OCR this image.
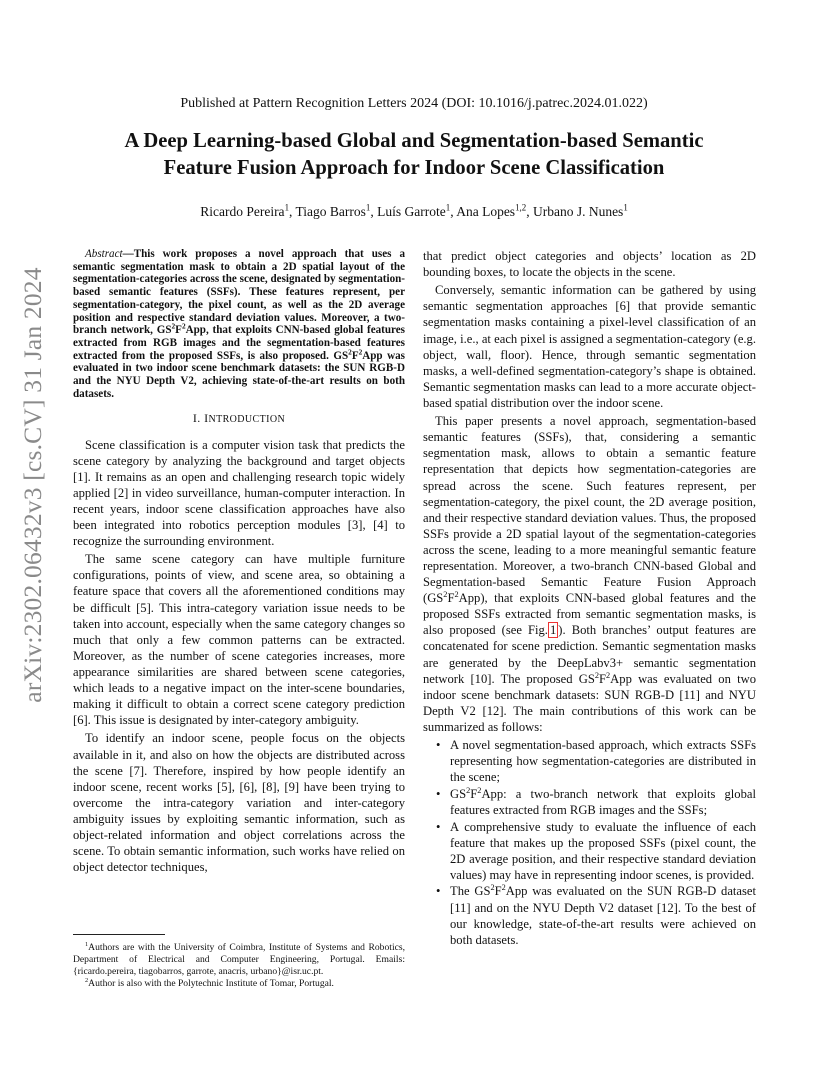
arXiv:2302.06432v3 [cs.CV] 31 Jan 2024
Published at Pattern Recognition Letters 2024 (DOI: 10.1016/j.patrec.2024.01.022)
A Deep Learning-based Global and Segmentation-based Semantic
Feature Fusion Approach for Indoor Scene Classification
Ricardo Pereira$^1$, Tiago Barros$^1$, Luís Garrote$^1$, Ana Lopes$^{1,2}$, Urbano J. Nunes$^1$

Abstract—This work proposes a novel approach that uses a semantic segmentation mask to obtain a 2D spatial layout of the segmentation-categories across the scene, designated by segmentation-based semantic features (SSFs). These features represent, per segmentation-category, the pixel count, as well as the 2D average position and respective standard deviation values. Moreover, a two-branch network, $GS^2F^2App$, that exploits CNN-based global features extracted from RGB images and the segmentation-based features extracted from the proposed SSFs, is also proposed. $GS^2F^2App$ was evaluated in two indoor scene benchmark datasets: the SUN RGB-D and the NYU Depth V2, achieving state-of-the-art results on both datasets.

I. INTRODUCTION

Scene classification is a computer vision task that predicts the scene category by analyzing the background and target objects [1]. It remains as an open and challenging research topic widely applied [2] in video surveillance, human-computer interaction. In recent years, indoor scene classification approaches have also been integrated into robotics perception modules [3], [4] to recognize the surrounding environment.

The same scene category can have multiple furniture configurations, points of view, and scene area, so obtaining a feature space that covers all the aforementioned conditions may be difficult [5]. This intra-category variation issue needs to be taken into account, especially when the same category changes so much that only a few common patterns can be extracted. Moreover, as the number of scene categories increases, more appearance similarities are shared between scene categories, which leads to a negative impact on the inter-scene boundaries, making it difficult to obtain a correct scene category prediction [6]. This issue is designated by inter-category ambiguity.

To identify an indoor scene, people focus on the objects available in it, and also on how the objects are distributed across the scene [7]. Therefore, inspired by how people identify an indoor scene, recent works [5], [6], [8], [9] have been trying to overcome the intra-category variation and inter-category ambiguity issues by exploiting semantic information, such as object-related information and object correlations across the scene. To obtain semantic information, such works have relied on object detector techniques,

that predict object categories and objects’ location as 2D bounding boxes, to locate the objects in the scene.

Conversely, semantic information can be gathered by using semantic segmentation approaches [6] that provide semantic segmentation masks containing a pixel-level classification of an image, i.e., at each pixel is assigned a segmentation-category (e.g. object, wall, floor). Hence, through semantic segmentation masks, a well-defined segmentation-category’s shape is obtained. Semantic segmentation masks can lead to a more accurate object-based spatial distribution over the indoor scene.

This paper presents a novel approach, segmentation-based semantic features (SSFs), that, considering a semantic segmentation mask, allows to obtain a semantic feature representation that depicts how segmentation-categories are spread across the scene. Such features represent, per segmentation-category, the pixel count, the 2D average position, and their respective standard deviation values. Thus, the proposed SSFs provide a 2D spatial layout of the segmentation-categories across the scene, leading to a more meaningful semantic feature representation. Moreover, a two-branch CNN-based Global and Segmentation-based Semantic Feature Fusion Approach $(GS^2F^2App)$, that exploits CNN-based global features and the proposed SSFs extracted from semantic segmentation masks, is also proposed (see Fig. 1 ). Both branches’ output features are concatenated for scene prediction. Semantic segmentation masks are generated by the DeepLabv3+ semantic segmentation network [10]. The proposed $GS^2F^2App$ was evaluated on two indoor scene benchmark datasets: SUN RGB-D [11] and NYU Depth V2 [12]. The main contributions of this work can be summarized as follows:

• A novel segmentation-based approach, which extracts SSFs representing how segmentation-categories are distributed in the scene;
• $GS^2F^2App$: a two-branch network that exploits global features extracted from RGB images and the SSFs;
• A comprehensive study to evaluate the influence of each feature that makes up the proposed SSFs (pixel count, the 2D average position, and their respective standard deviation values) may have in representing indoor scenes, is provided.
• The $GS^2F^2App$ was evaluated on the SUN RGB-D dataset [11] and on the NYU Depth V2 dataset [12]. To the best of our knowledge, state-of-the-art results were achieved on both datasets.
$^1$Authors are with the University of Coimbra, Institute of Systems and Robotics, Department of Electrical and Computer Engineering, Portugal. Emails: {ricardo.pereira, tiagobarros, garrote, anacris, urbano}@isr.uc.pt.
$^2$Author is also with the Polytechnic Institute of Tomar, Portugal.
